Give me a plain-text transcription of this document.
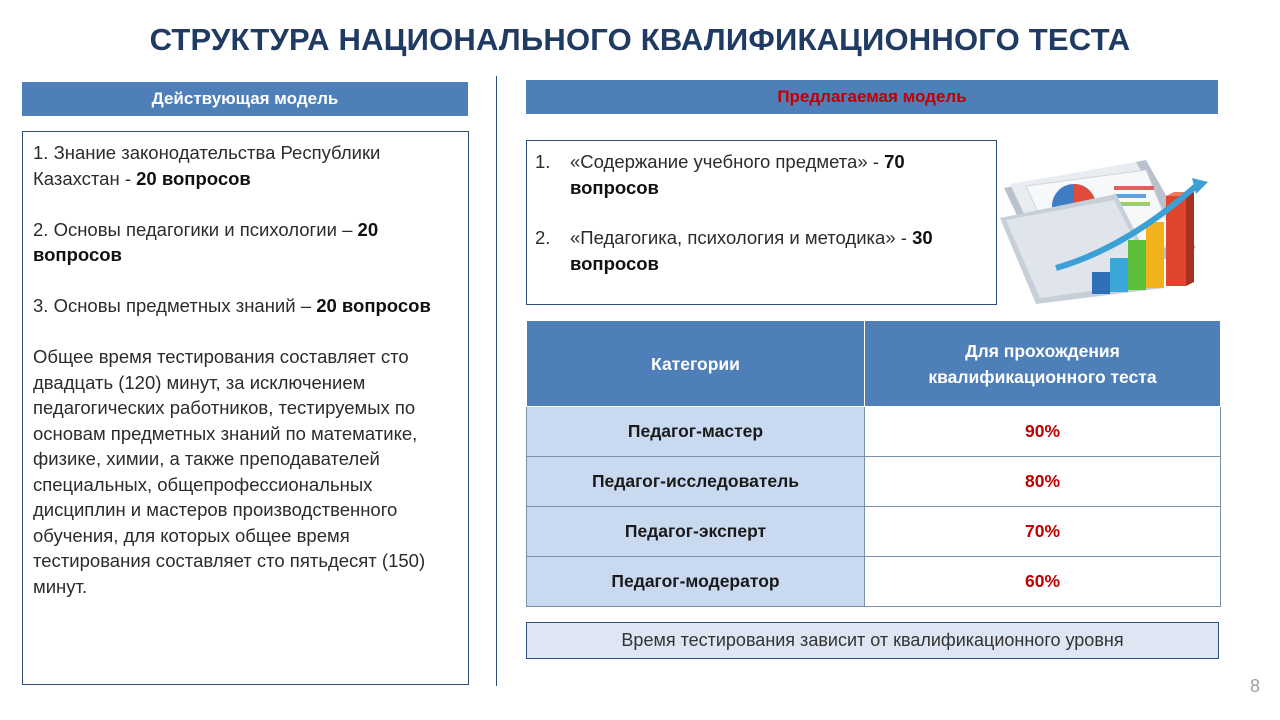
СТРУКТУРА НАЦИОНАЛЬНОГО КВАЛИФИКАЦИОННОГО ТЕСТА
Действующая модель	Предлагаемая модель

1. Знание законодательства Республики Казахстан - 20 вопросов

2. Основы педагогики и психологии – 20 вопросов

3. Основы предметных знаний – 20 вопросов

Общее время тестирования составляет сто двадцать (120) минут, за исключением педагогических работников, тестируемых по основам предметных знаний по математике, физике, химии, а также преподавателей специальных, общепрофессиональных дисциплин и мастеров производственного обучения, для которых общее время тестирования составляет сто пятьдесят (150) минут.

1.	«Содержание учебного предмета» - 70 вопросов
2.	«Педагогика, психология и методика» - 30 вопросов
Категории	Для прохождения квалификационного теста
Педагог-мастер	90%
Педагог-исследователь	80%
Педагог-эксперт	70%
Педагог-модератор	60%
Время тестирования зависит от квалификационного уровня
8
